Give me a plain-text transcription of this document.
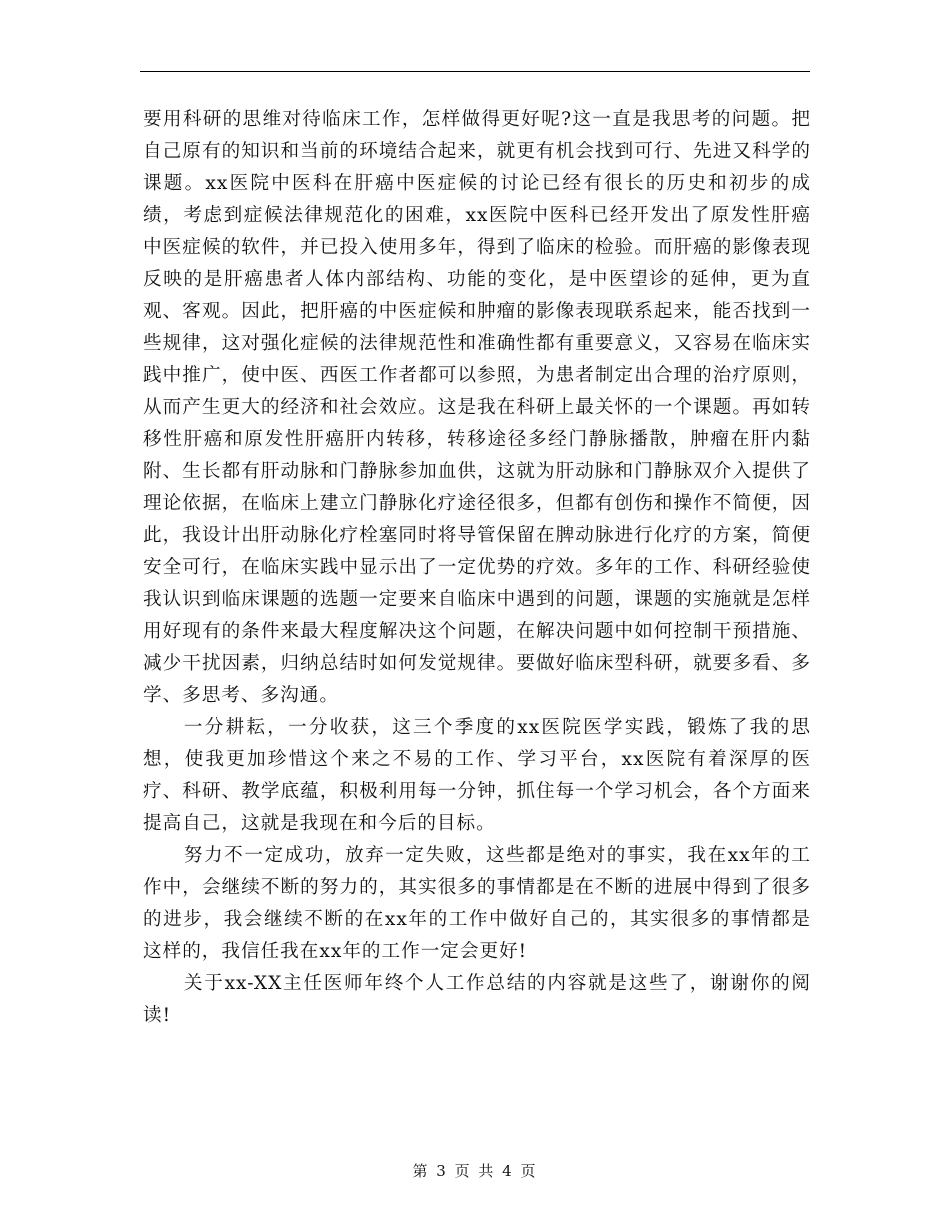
要用科研的思维对待临床工作，怎样做得更好呢?这一直是我思考的问题。把自己原有的知识和当前的环境结合起来，就更有机会找到可行、先进又科学的课题。xx医院中医科在肝癌中医症候的讨论已经有很长的历史和初步的成绩，考虑到症候法律规范化的困难，xx医院中医科已经开发出了原发性肝癌中医症候的软件，并已投入使用多年，得到了临床的检验。而肝癌的影像表现反映的是肝癌患者人体内部结构、功能的变化，是中医望诊的延伸，更为直观、客观。因此，把肝癌的中医症候和肿瘤的影像表现联系起来，能否找到一些规律，这对强化症候的法律规范性和准确性都有重要意义，又容易在临床实践中推广，使中医、西医工作者都可以参照，为患者制定出合理的治疗原则，从而产生更大的经济和社会效应。这是我在科研上最关怀的一个课题。再如转移性肝癌和原发性肝癌肝内转移，转移途径多经门静脉播散，肿瘤在肝内黏附、生长都有肝动脉和门静脉参加血供，这就为肝动脉和门静脉双介入提供了理论依据，在临床上建立门静脉化疗途径很多，但都有创伤和操作不简便，因此，我设计出肝动脉化疗栓塞同时将导管保留在脾动脉进行化疗的方案，简便安全可行，在临床实践中显示出了一定优势的疗效。多年的工作、科研经验使我认识到临床课题的选题一定要来自临床中遇到的问题，课题的实施就是怎样用好现有的条件来最大程度解决这个问题，在解决问题中如何控制干预措施、减少干扰因素，归纳总结时如何发觉规律。要做好临床型科研，就要多看、多学、多思考、多沟通。

一分耕耘，一分收获，这三个季度的xx医院医学实践，锻炼了我的思想，使我更加珍惜这个来之不易的工作、学习平台，xx医院有着深厚的医疗、科研、教学底蕴，积极利用每一分钟，抓住每一个学习机会，各个方面来提高自己，这就是我现在和今后的目标。

努力不一定成功，放弃一定失败，这些都是绝对的事实，我在xx年的工作中，会继续不断的努力的，其实很多的事情都是在不断的进展中得到了很多的进步，我会继续不断的在xx年的工作中做好自己的，其实很多的事情都是这样的，我信任我在xx年的工作一定会更好!

关于xx-XX主任医师年终个人工作总结的内容就是这些了，谢谢你的阅读!

第 3 页 共 4 页
